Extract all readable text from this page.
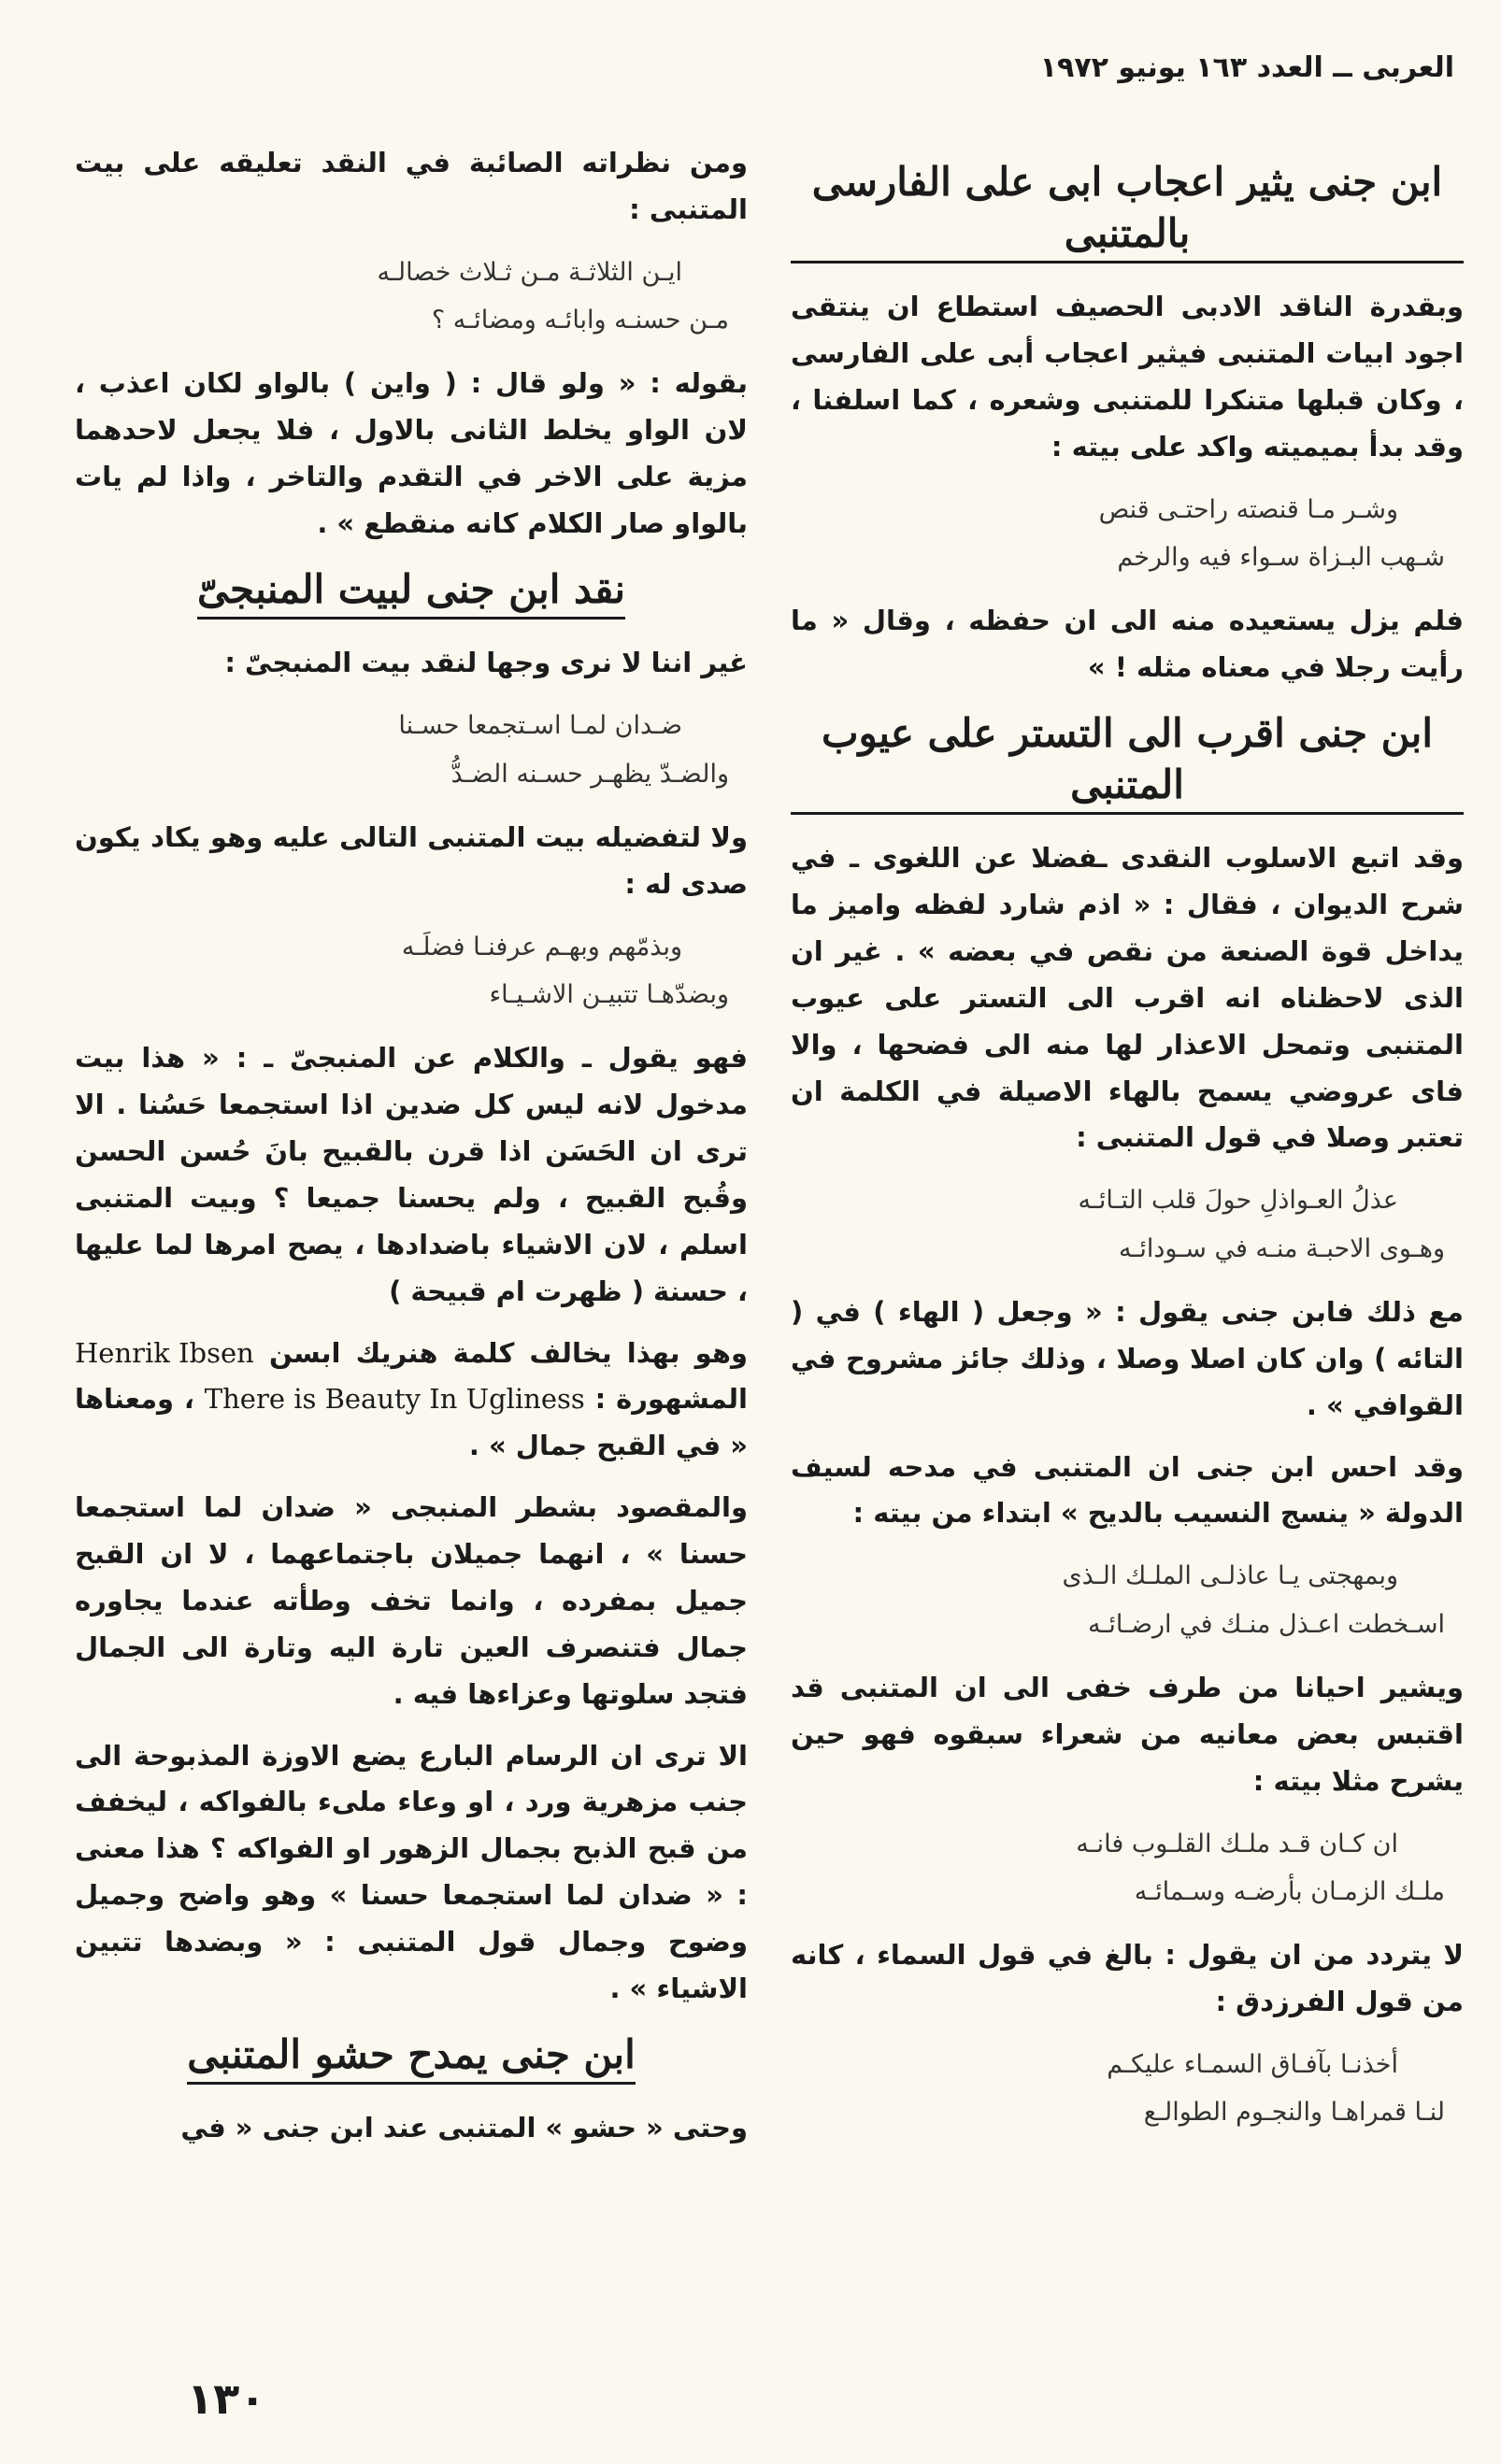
العربى ــ العدد ١٦٣ يونيو ١٩٧٢
ابن جنى يثير اعجاب ابى على الفارسى بالمتنبى

وبقدرة الناقد الادبى الحصيف استطاع ان ينتقى اجود ابيات المتنبى فيثير اعجاب أبى على الفارسى ، وكان قبلها متنكرا للمتنبى وشعره ، كما اسلفنا ، وقد بدأ بميميته واكد على بيته :

وشـر مـا قنصته راحتـى قنص
شـهب البـزاة سـواء فيه والرخم

فلم يزل يستعيده منه الى ان حفظه ، وقال « ما رأيت رجلا في معناه مثله ! »

ابن جنى اقرب الى التستر على عيوب المتنبى

وقد اتبع الاسلوب النقدى ـفضلا عن اللغوى ـ في شرح الديوان ، فقال : « اذم شارد لفظه واميز ما يداخل قوة الصنعة من نقص في بعضه » . غير ان الذى لاحظناه انه اقرب الى التستر على عيوب المتنبى وتمحل الاعذار لها منه الى فضحها ، والا فاى عروضي يسمح بالهاء الاصيلة في الكلمة ان تعتبر وصلا في قول المتنبى :

عذلُ العـواذلِ حولَ قلب التـائـه
وهـوى الاحبـة منـه في سـودائـه

مع ذلك فابن جنى يقول : « وجعل ( الهاء ) في ( التائه ) وان كان اصلا وصلا ، وذلك جائز مشروح في القوافي » .

وقد احس ابن جنى ان المتنبى في مدحه لسيف الدولة « ينسج النسيب بالديح » ابتداء من بيته :

وبمهجتى يـا عاذلـى الملـك الـذى
اسـخطت اعـذل منـك في ارضـائـه

ويشير احيانا من طرف خفى الى ان المتنبى قد اقتبس بعض معانيه من شعراء سبقوه فهو حين يشرح مثلا بيته :

ان كـان قـد ملـك القلـوب فانـه
ملـك الزمـان بأرضـه وسـمائـه

لا يتردد من ان يقول : بالغ في قول السماء ، كانه من قول الفرزدق :

أخذنـا بآفـاق السمـاء عليكـم
لنـا قمراهـا والنجـوم الطوالـع

ومن نظراته الصائبة في النقد تعليقه على بيت المتنبى :

ايـن الثلاثـة مـن ثـلاث خصالـه
مـن حسنـه وابائـه ومضائـه ؟

بقوله : « ولو قال : ( واين ) بالواو لكان اعذب ، لان الواو يخلط الثانى بالاول ، فلا يجعل لاحدهما مزية على الاخر في التقدم والتاخر ، واذا لم يات بالواو صار الكلام كانه منقطع » .

نقد ابن جنى لبيت المنبجىّ

غير اننا لا نرى وجها لنقد بيت المنبجىّ :

ضـدان لمـا اسـتجمعا حسـنا
والضـدّ يظهـر حسـنه الضـدُّ

ولا لتفضيله بيت المتنبى التالى عليه وهو يكاد يكون صدى له :

وبذمّهم وبهـم عرفنـا فضلَـه
وبضدّهـا تتبيـن الاشـيـاء

فهو يقول ـ والكلام عن المنبجىّ ـ : « هذا بيت مدخول لانه ليس كل ضدين اذا استجمعا حَسُنا . الا ترى ان الحَسَن اذا قرن بالقبيح بانَ حُسن الحسن وقُبح القبيح ، ولم يحسنا جميعا ؟ وبيت المتنبى اسلم ، لان الاشياء باضدادها ، يصح امرها لما عليها ، حسنة ( ظهرت ام قبيحة )

وهو بهذا يخالف كلمة هنريك ابسن Henrik Ibsen المشهورة : There is Beauty In Ugliness ، ومعناها « في القبح جمال » .

والمقصود بشطر المنبجى « ضدان لما استجمعا حسنا » ، انهما جميلان باجتماعهما ، لا ان القبح جميل بمفرده ، وانما تخف وطأته عندما يجاوره جمال فتنصرف العين تارة اليه وتارة الى الجمال فتجد سلوتها وعزاءها فيه .

الا ترى ان الرسام البارع يضع الاوزة المذبوحة الى جنب مزهرية ورد ، او وعاء ملىء بالفواكه ، ليخفف من قبح الذبح بجمال الزهور او الفواكه ؟ هذا معنى : « ضدان لما استجمعا حسنا » وهو واضح وجميل وضوح وجمال قول المتنبى : « وبضدها تتبين الاشياء » .

ابن جنى يمدح حشو المتنبى

وحتى « حشو » المتنبى عند ابن جنى « في

١٣٠
